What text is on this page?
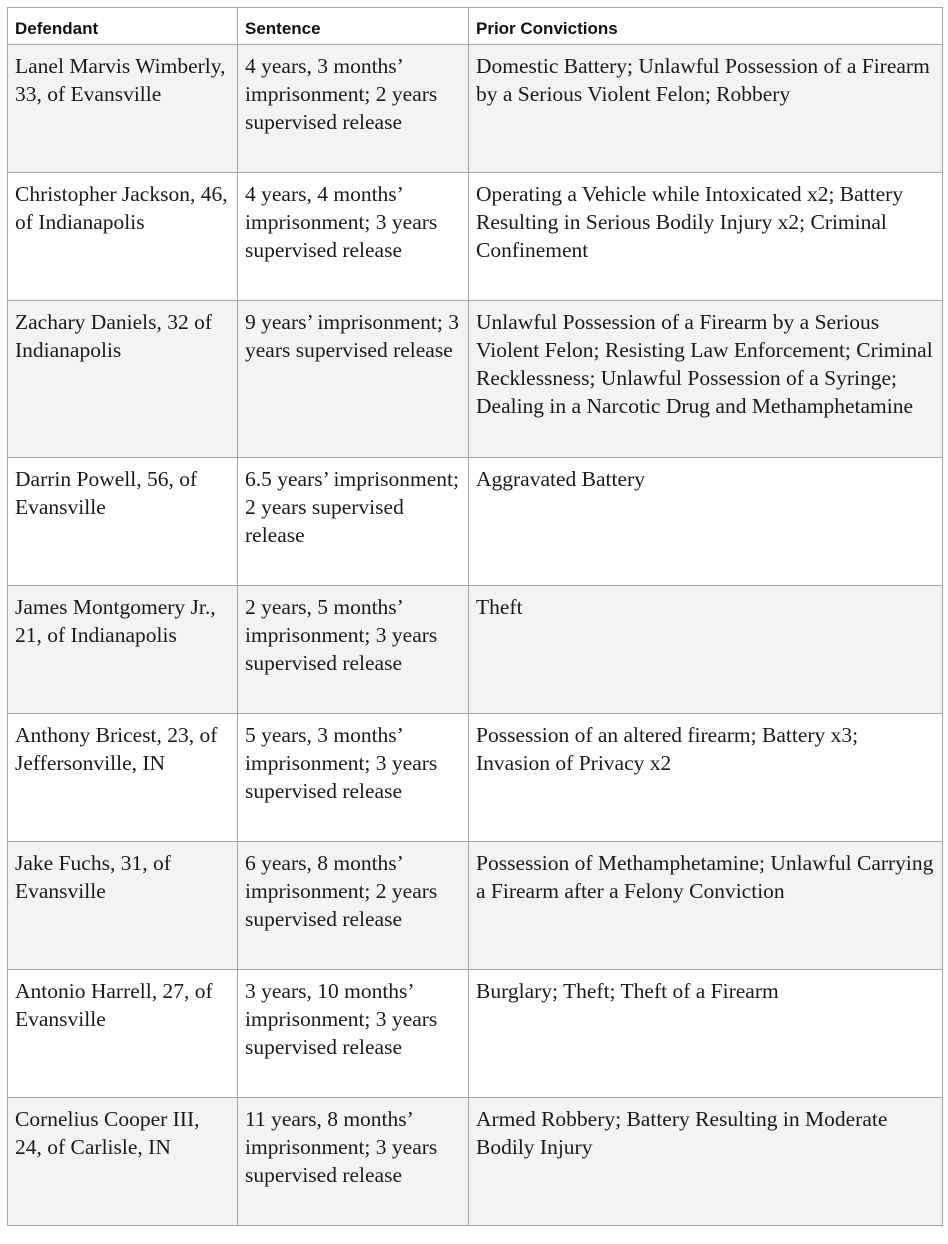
Defendant	Sentence	Prior Convictions
Lanel Marvis Wimberly, 33, of Evansville	4 years, 3 months’ imprisonment; 2 years supervised release	Domestic Battery; Unlawful Possession of a Firearm by a Serious Violent Felon; Robbery
Christopher Jackson, 46, of Indianapolis	4 years, 4 months’ imprisonment; 3 years supervised release	Operating a Vehicle while Intoxicated x2; Battery Resulting in Serious Bodily Injury x2; Criminal Confinement
Zachary Daniels, 32 of Indianapolis	9 years’ imprisonment; 3 years supervised release	Unlawful Possession of a Firearm by a Serious Violent Felon; Resisting Law Enforcement; Criminal Recklessness; Unlawful Possession of a Syringe; Dealing in a Narcotic Drug and Methamphetamine
Darrin Powell, 56, of Evansville	6.5 years’ imprisonment; 2 years supervised release	Aggravated Battery
James Montgomery Jr., 21, of Indianapolis	2 years, 5 months’ imprisonment; 3 years supervised release	Theft
Anthony Bricest, 23, of Jeffersonville, IN	5 years, 3 months’ imprisonment; 3 years supervised release	Possession of an altered firearm; Battery x3; Invasion of Privacy x2
Jake Fuchs, 31, of Evansville	6 years, 8 months’ imprisonment; 2 years supervised release	Possession of Methamphetamine; Unlawful Carrying a Firearm after a Felony Conviction
Antonio Harrell, 27, of Evansville	3 years, 10 months’ imprisonment; 3 years supervised release	Burglary; Theft; Theft of a Firearm
Cornelius Cooper III, 24, of Carlisle, IN	11 years, 8 months’ imprisonment; 3 years supervised release	Armed Robbery; Battery Resulting in Moderate Bodily Injury
